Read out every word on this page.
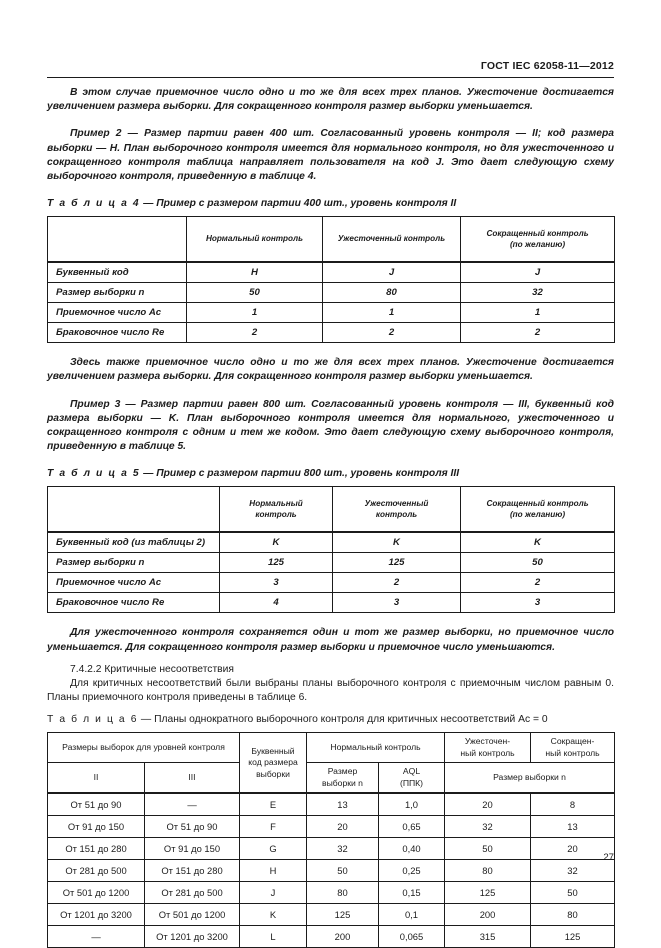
ГОСТ IEC 62058-11—2012

В этом случае приемочное число одно и то же для всех трех планов. Ужесточение достигается увеличением размера выборки. Для сокращенного контроля размер выборки уменьшается.

Пример 2 — Размер партии равен 400 шт. Согласованный уровень контроля — II; код размера выборки — H. План выборочного контроля имеется для нормального контроля, но для ужесточенного и сокращенного контроля таблица направляет пользователя на код J. Это дает следующую схему выборочного контроля, приведенную в таблице 4.

Т а б л и ц а 4 — Пример с размером партии 400 шт., уровень контроля II
	Нормальный контроль	Ужесточенный контроль	Сокращенный контроль
(по желанию)
Буквенный код	H	J	J
Размер выборки n	50	80	32
Приемочное число Ac	1	1	1
Браковочное число Re	2	2	2

Здесь также приемочное число одно и то же для всех трех планов. Ужесточение достигается увеличением размера выборки. Для сокращенного контроля размер выборки уменьшается.

Пример 3 — Размер партии равен 800 шт. Согласованный уровень контроля — III, буквенный код размера выборки — K. План выборочного контроля имеется для нормального, ужесточенного и сокращенного контроля с одним и тем же кодом. Это дает следующую схему выборочного контроля, приведенную в таблице 5.

Т а б л и ц а 5 — Пример с размером партии 800 шт., уровень контроля III
	Нормальный
контроль	Ужесточенный
контроль	Сокращенный контроль
(по желанию)
Буквенный код (из таблицы 2)	K	K	K
Размер выборки n	125	125	50
Приемочное число Ac	3	2	2
Браковочное число Re	4	3	3

Для ужесточенного контроля сохраняется один и тот же размер выборки, но приемочное число уменьшается. Для сокращенного контроля размер выборки и приемочное число уменьшаются.

7.4.2.2 Критичные несоответствия

Для критичных несоответствий были выбраны планы выборочного контроля с приемочным числом равным 0. Планы приемочного контроля приведены в таблице 6.

Т а б л и ц а 6 — Планы однократного выборочного контроля для критичных несоответствий Ac = 0
Размеры выборок для уровней контроля		Буквенный
код размера
выборки	Нормальный контроль		Ужесточен-
ный контроль	Сокращен-
ный контроль
II	III		Размер
выборки n	AQL
(ППК)	Размер выборки n	
От 51 до 90	—	E	13	1,0	20	8
От 91 до 150	От 51 до 90	F	20	0,65	32	13
От 151 до 280	От 91 до 150	G	32	0,40	50	20
От 281 до 500	От 151 до 280	H	50	0,25	80	32
От 501 до 1200	От 281 до 500	J	80	0,15	125	50
От 1201 до 3200	От 501 до 1200	K	125	0,1	200	80
—	От 1201 до 3200	L	200	0,065	315	125
27
